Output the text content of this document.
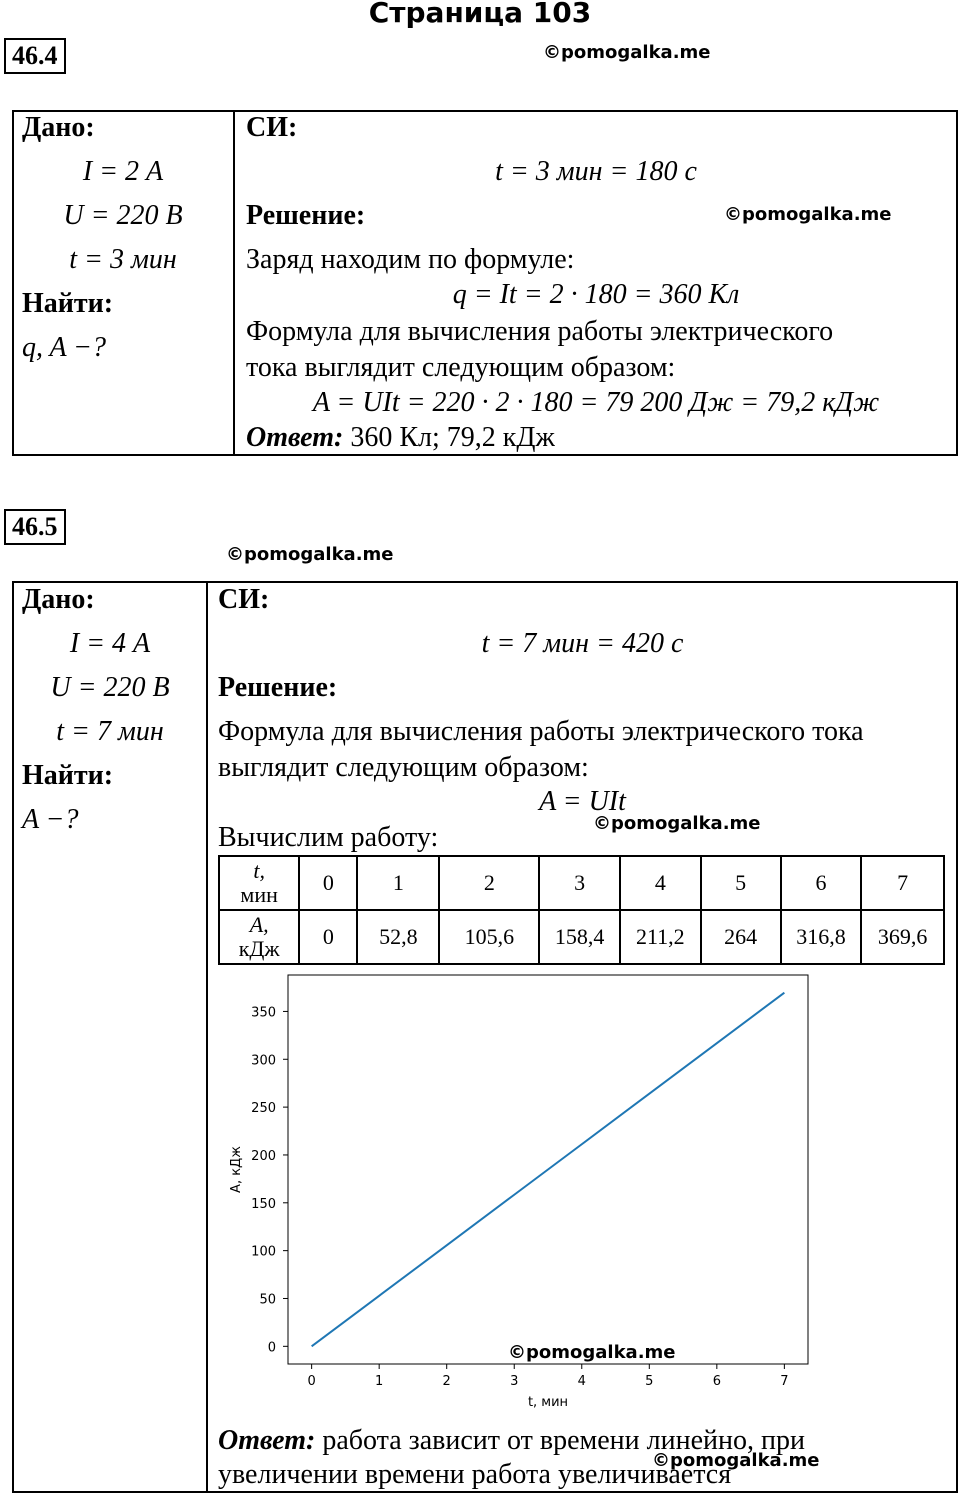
Страница 103
46.4	©pomogalka.me
Дано:
I = 2 А
U = 220 В
t = 3 мин
Найти:
q, A −?
СИ:
t = 3 мин = 180 с
Решение:	©pomogalka.me
Заряд находим по формуле:
q = It = 2 · 180 = 360 Кл
Формула для вычисления работы электрического
тока выглядит следующим образом:
A = UIt = 220 · 2 · 180 = 79 200 Дж = 79,2 кДж
Ответ: 360 Кл; 79,2 кДж
46.5
©pomogalka.me
Дано:
I = 4 А
U = 220 В
t = 7 мин
Найти:
A −?
СИ:
t = 7 мин = 420 с
Решение:
Формула для вычисления работы электрического тока
выглядит следующим образом:
A = UIt
©pomogalka.me
Вычислим работу:
t,
мин	0	1	2	3	4	5	6	7
A,
кДж	0	52,8	105,6	158,4	211,2	264	316,8	369,6
0	1	2	3	4	5	6	7
0
50
100
150
200
250
300
350
t, мин
A, кДж
©pomogalka.me
Ответ: работа зависит от времени линейно, при
увеличении времени работа увеличивается
©pomogalka.me
